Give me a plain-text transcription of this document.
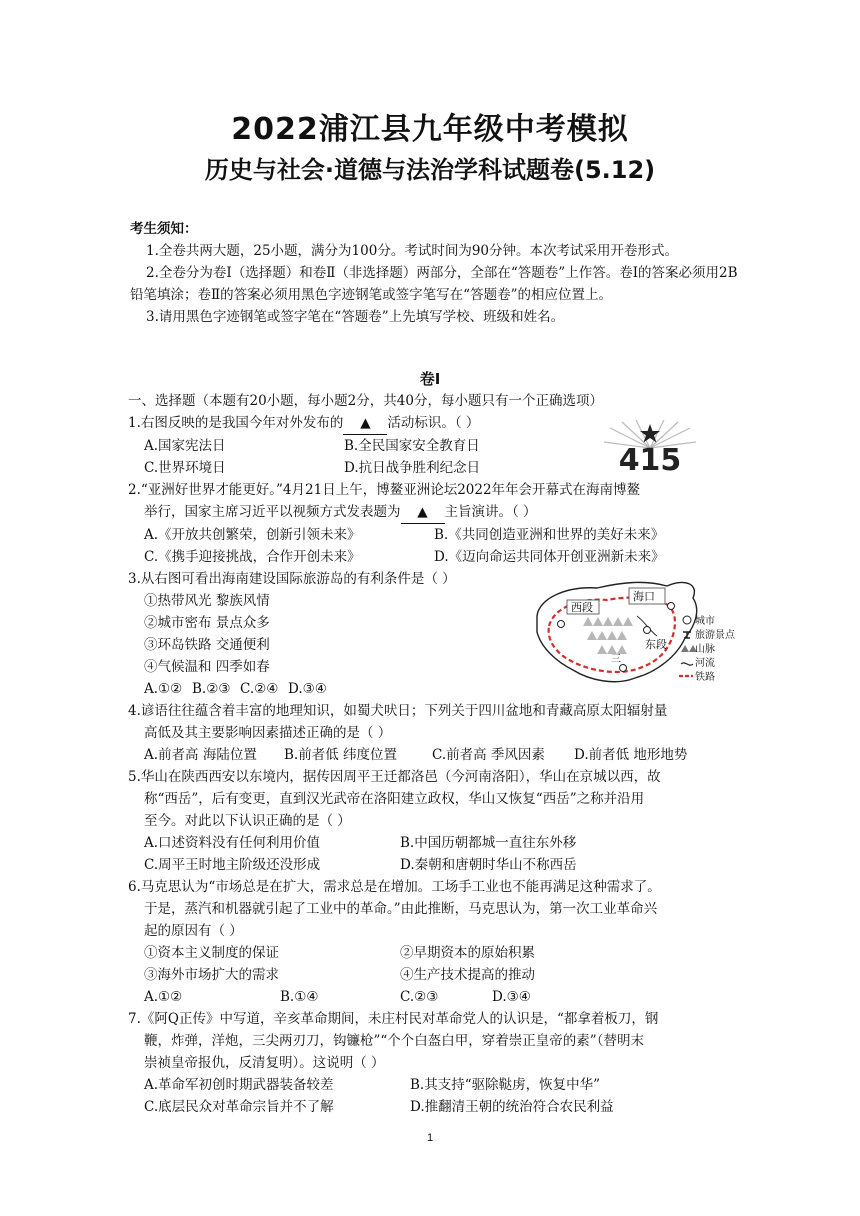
2022浦江县九年级中考模拟
历史与社会·道德与法治学科试题卷(5.12)

考生须知：

1.全卷共两大题，25小题，满分为100分。考试时间为90分钟。本次考试采用开卷形式。

2.全卷分为卷Ⅰ（选择题）和卷Ⅱ（非选择题）两部分，全部在“答题卷”上作答。卷Ⅰ的答案必须用2B铅笔填涂；卷Ⅱ的答案必须用黑色字迹钢笔或签字笔写在“答题卷”的相应位置上。

3.请用黑色字迹钢笔或签字笔在“答题卷”上先填写学校、班级和姓名。

卷Ⅰ

一、选择题（本题有20小题，每小题2分，共40分，每小题只有一个正确选项）

1.右图反映的是我国今年对外发布的 ▲ 活动标识。（ ）

A.国家宪法日	B.全民国家安全教育日
C.世界环境日	D.抗日战争胜利纪念日

2.“亚洲好世界才能更好。”4月21日上午，博鳌亚洲论坛2022年年会开幕式在海南博鳌

举行，国家主席习近平以视频方式发表题为 ▲ 主旨演讲。（ ）

A.《开放共创繁荣，创新引领未来》	B.《共同创造亚洲和世界的美好未来》
C.《携手迎接挑战，合作开创未来》	D.《迈向命运共同体开创亚洲新未来》

3.从右图可看出海南建设国际旅游岛的有利条件是（ ）

①热带风光 黎族风情

②城市密布 景点众多

③环岛铁路 交通便利

④气候温和 四季如春

A.①② B.②③ C.②④ D.③④

4.谚语往往蕴含着丰富的地理知识，如蜀犬吠日；下列关于四川盆地和青藏高原太阳辐射量

高低及其主要影响因素描述正确的是（ ）

A.前者高 海陆位置	B.前者低 纬度位置	C.前者高 季风因素	D.前者低 地形地势

5.华山在陕西西安以东境内，据传因周平王迁都洛邑（今河南洛阳），华山在京城以西，故

称“西岳”，后有变更，直到汉光武帝在洛阳建立政权，华山又恢复“西岳”之称并沿用

至今。对此以下认识正确的是（ ）

A.口述资料没有任何利用价值	B.中国历朝都城一直往东外移
C.周平王时地主阶级还没形成	D.秦朝和唐朝时华山不称西岳

6.马克思认为“市场总是在扩大，需求总是在增加。工场手工业也不能再满足这种需求了。

于是，蒸汽和机器就引起了工业中的革命。”由此推断，马克思认为，第一次工业革命兴

起的原因有（ ）

①资本主义制度的保证	②早期资本的原始积累
③海外市场扩大的需求	④生产技术提高的推动
A.①②	B.①④	C.②③	D.③④

7.《阿Q正传》中写道，辛亥革命期间，未庄村民对革命党人的认识是，“都拿着板刀，钢

鞭，炸弹，洋炮，三尖两刃刀，钩镰枪”“个个白盔白甲，穿着崇正皇帝的素”（替明末

崇祯皇帝报仇，反清复明）。这说明（ ）

A.革命军初创时期武器装备较差	B.其支持“驱除鞑虏，恢复中华”
C.底层民众对革命宗旨并不了解	D.推翻清王朝的统治符合农民利益
415
西段
海口
东段
三
城市
旅游景点
山脉
河流
铁路
1
